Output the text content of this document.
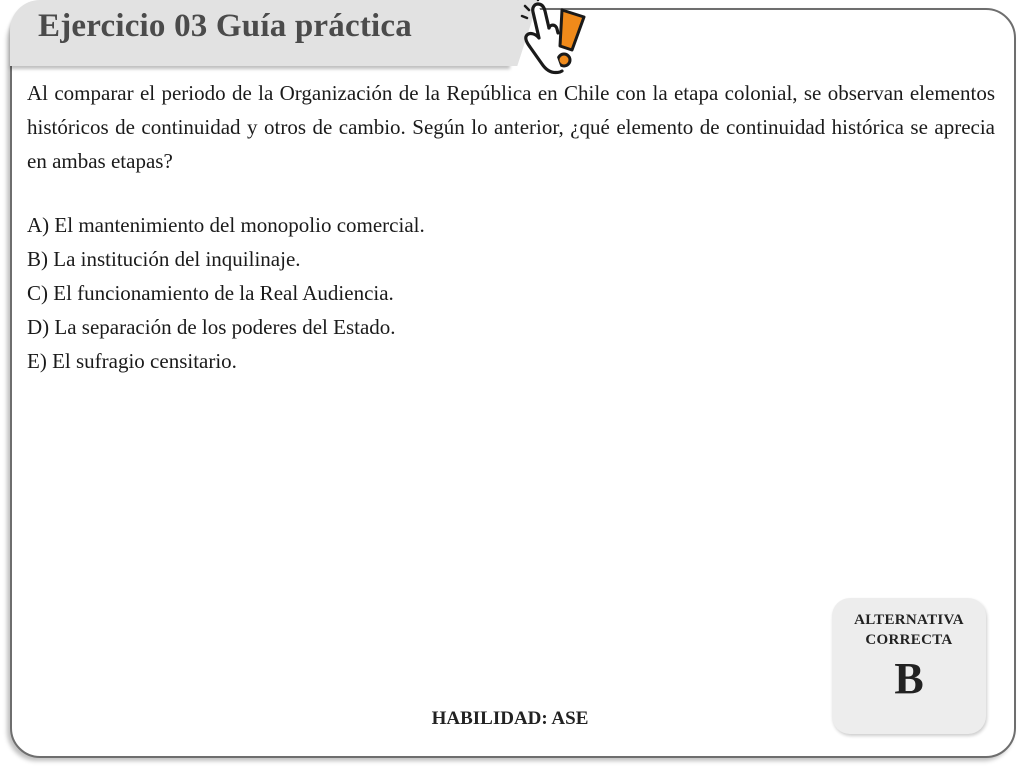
Ejercicio 03 Guía práctica

Al comparar el periodo de la Organización de la República en Chile con la etapa colonial, se observan elementos históricos de continuidad y otros de cambio. Según lo anterior, ¿qué elemento de continuidad histórica se aprecia en ambas etapas?

A) El mantenimiento del monopolio comercial.
B) La institución del inquilinaje.
C) El funcionamiento de la Real Audiencia.
D) La separación de los poderes del Estado.
E) El sufragio censitario.
ALTERNATIVA
CORRECTA
B
HABILIDAD: ASE
